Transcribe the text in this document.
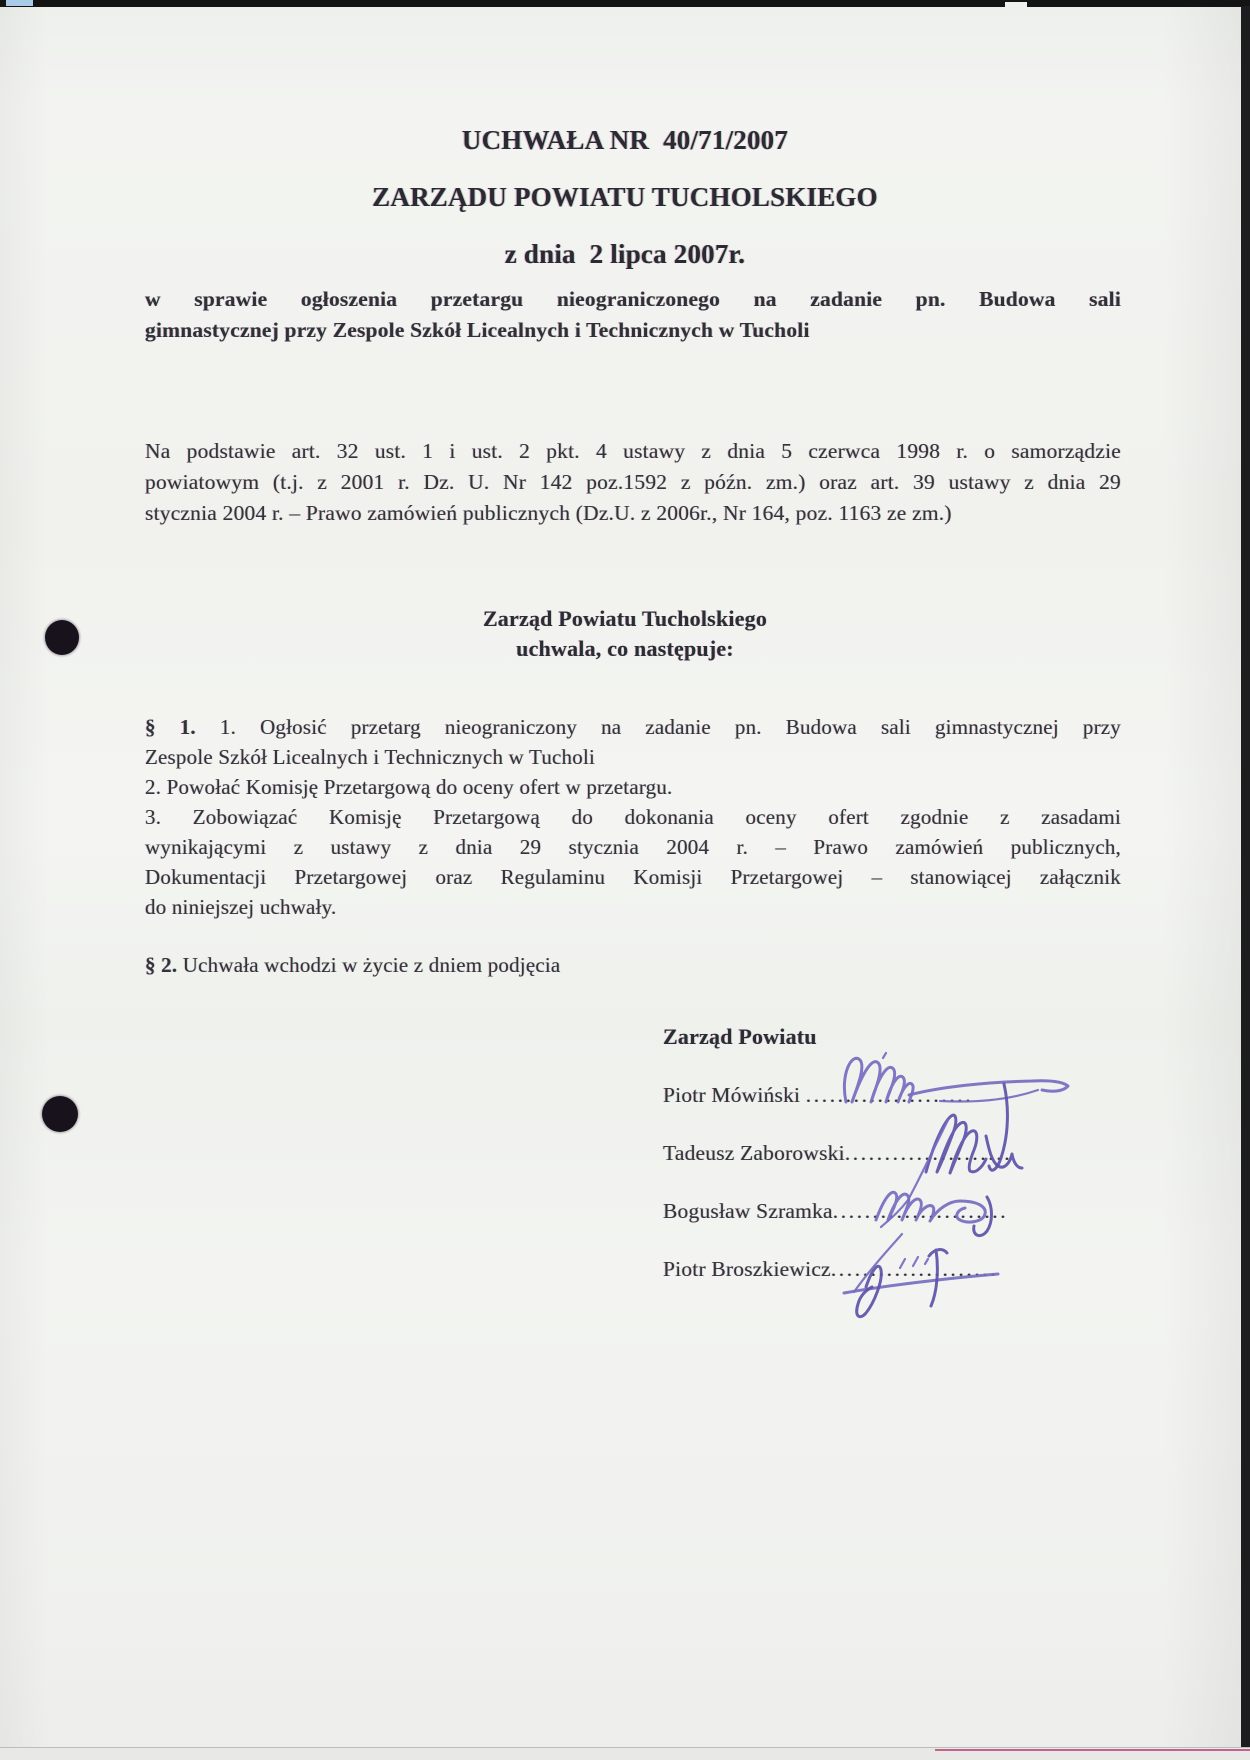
UCHWAŁA NR  40/71/2007
ZARZĄDU POWIATU TUCHOLSKIEGO
z dnia  2 lipca 2007r.
w sprawie ogłoszenia przetargu nieograniczonego na zadanie pn. Budowa sali
gimnastycznej przy Zespole Szkół Licealnych i Technicznych w Tucholi
Na podstawie art. 32 ust. 1 i ust. 2 pkt. 4 ustawy z dnia 5 czerwca 1998 r. o samorządzie
powiatowym (t.j. z 2001 r. Dz. U. Nr 142 poz.1592 z późn. zm.) oraz art. 39 ustawy z dnia 29
stycznia 2004 r. – Prawo zamówień publicznych (Dz.U. z 2006r., Nr 164, poz. 1163 ze zm.)
Zarząd Powiatu Tucholskiego
uchwala, co następuje:
§ 1. 1. Ogłosić przetarg nieograniczony na zadanie pn. Budowa sali gimnastycznej przy
Zespole Szkół Licealnych i Technicznych w Tucholi
2. Powołać Komisję Przetargową do oceny ofert w przetargu.
3. Zobowiązać Komisję Przetargową do dokonania oceny ofert zgodnie z zasadami
wynikającymi z ustawy z dnia 29 stycznia 2004 r. – Prawo zamówień publicznych,
Dokumentacji Przetargowej oraz Regulaminu Komisji Przetargowej – stanowiącej załącznik
do niniejszej uchwały.
§ 2. Uchwała wchodzi w życie z dniem podjęcia
Zarząd Powiatu
Piotr Mówiński .....................
Tadeusz Zaborowski.....................
Bogusław Szramka......................
Piotr Broszkiewicz.....................
